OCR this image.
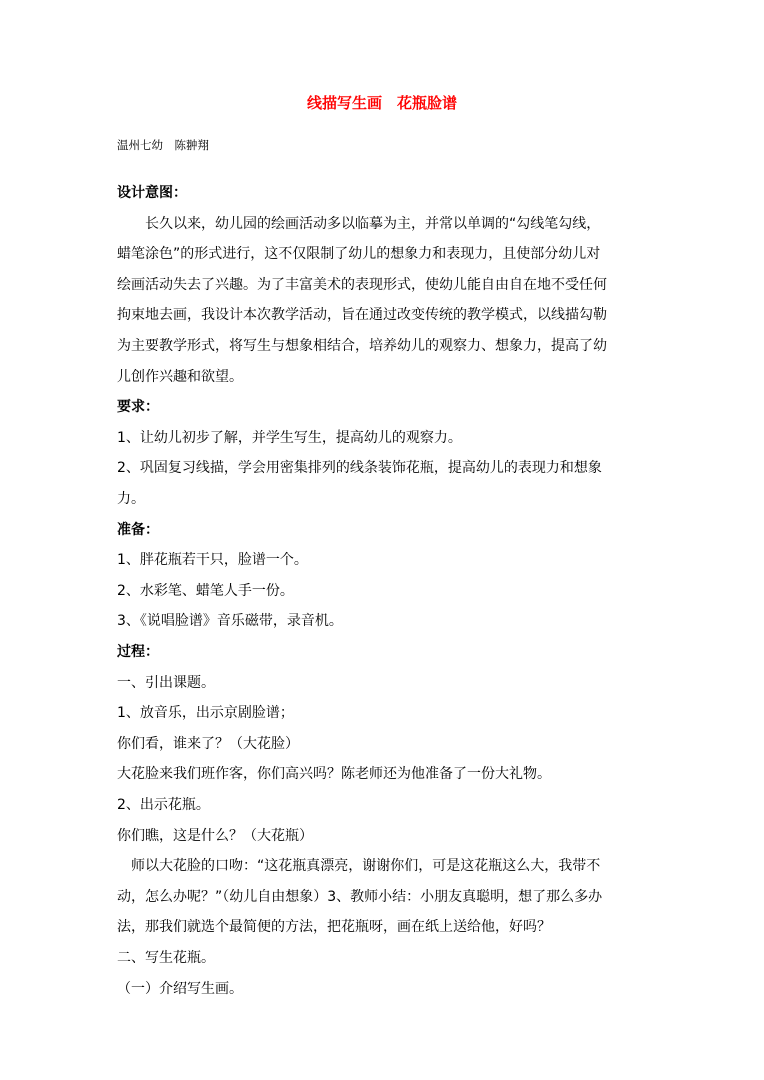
线描写生画　花瓶脸谱
温州七幼　陈翀翔
设计意图：
　　长久以来，幼儿园的绘画活动多以临摹为主，并常以单调的“勾线笔勾线，
蜡笔涂色”的形式进行，这不仅限制了幼儿的想象力和表现力，且使部分幼儿对
绘画活动失去了兴趣。为了丰富美术的表现形式，使幼儿能自由自在地不受任何
拘束地去画，我设计本次教学活动，旨在通过改变传统的教学模式，以线描勾勒
为主要教学形式，将写生与想象相结合，培养幼儿的观察力、想象力，提高了幼
儿创作兴趣和欲望。
要求：
1、让幼儿初步了解，并学生写生，提高幼儿的观察力。
2、巩固复习线描，学会用密集排列的线条装饰花瓶，提高幼儿的表现力和想象
力。
准备：
1、胖花瓶若干只，脸谱一个。
2、水彩笔、蜡笔人手一份。
3、《说唱脸谱》音乐磁带，录音机。
过程：
一、引出课题。
1、放音乐，出示京剧脸谱；
你们看，谁来了？（大花脸）
大花脸来我们班作客，你们高兴吗？陈老师还为他准备了一份大礼物。
2、出示花瓶。
你们瞧，这是什么？（大花瓶）
　师以大花脸的口吻：“这花瓶真漂亮，谢谢你们，可是这花瓶这么大，我带不
动，怎么办呢？”（幼儿自由想象）3、教师小结：小朋友真聪明，想了那么多办
法，那我们就选个最简便的方法，把花瓶呀，画在纸上送给他，好吗？
二、写生花瓶。
（一）介绍写生画。
